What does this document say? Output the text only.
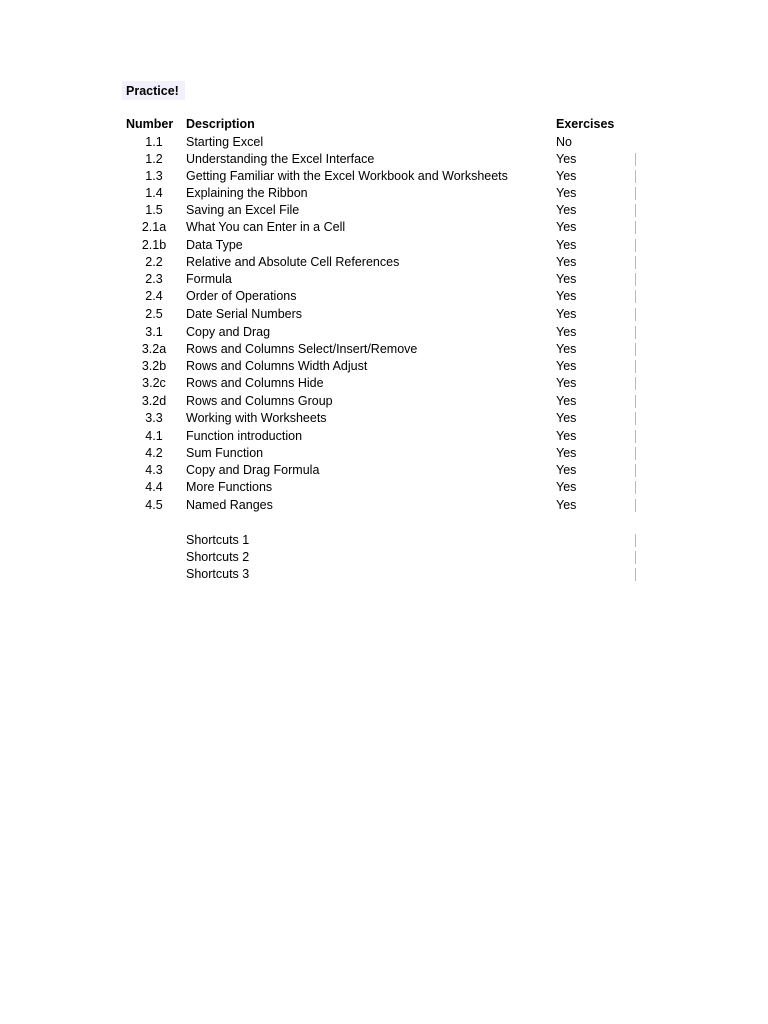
Practice!
Number Description	Exercises
1.1	Starting Excel	No
1.2	Understanding the Excel Interface	Yes
1.3	Getting Familiar with the Excel Workbook and Worksheets	Yes
1.4	Explaining the Ribbon	Yes
1.5	Saving an Excel File	Yes
2.1a	What You can Enter in a Cell	Yes
2.1b	Data Type	Yes
2.2	Relative and Absolute Cell References	Yes
2.3	Formula	Yes
2.4	Order of Operations	Yes
2.5	Date Serial Numbers	Yes
3.1	Copy and Drag	Yes
3.2a	Rows and Columns Select/Insert/Remove	Yes
3.2b	Rows and Columns Width Adjust	Yes
3.2c	Rows and Columns Hide	Yes
3.2d	Rows and Columns Group	Yes
3.3	Working with Worksheets	Yes
4.1	Function introduction	Yes
4.2	Sum Function	Yes
4.3	Copy and Drag Formula	Yes
4.4	More Functions	Yes
4.5	Named Ranges	Yes
Shortcuts 1
Shortcuts 2
Shortcuts 3
